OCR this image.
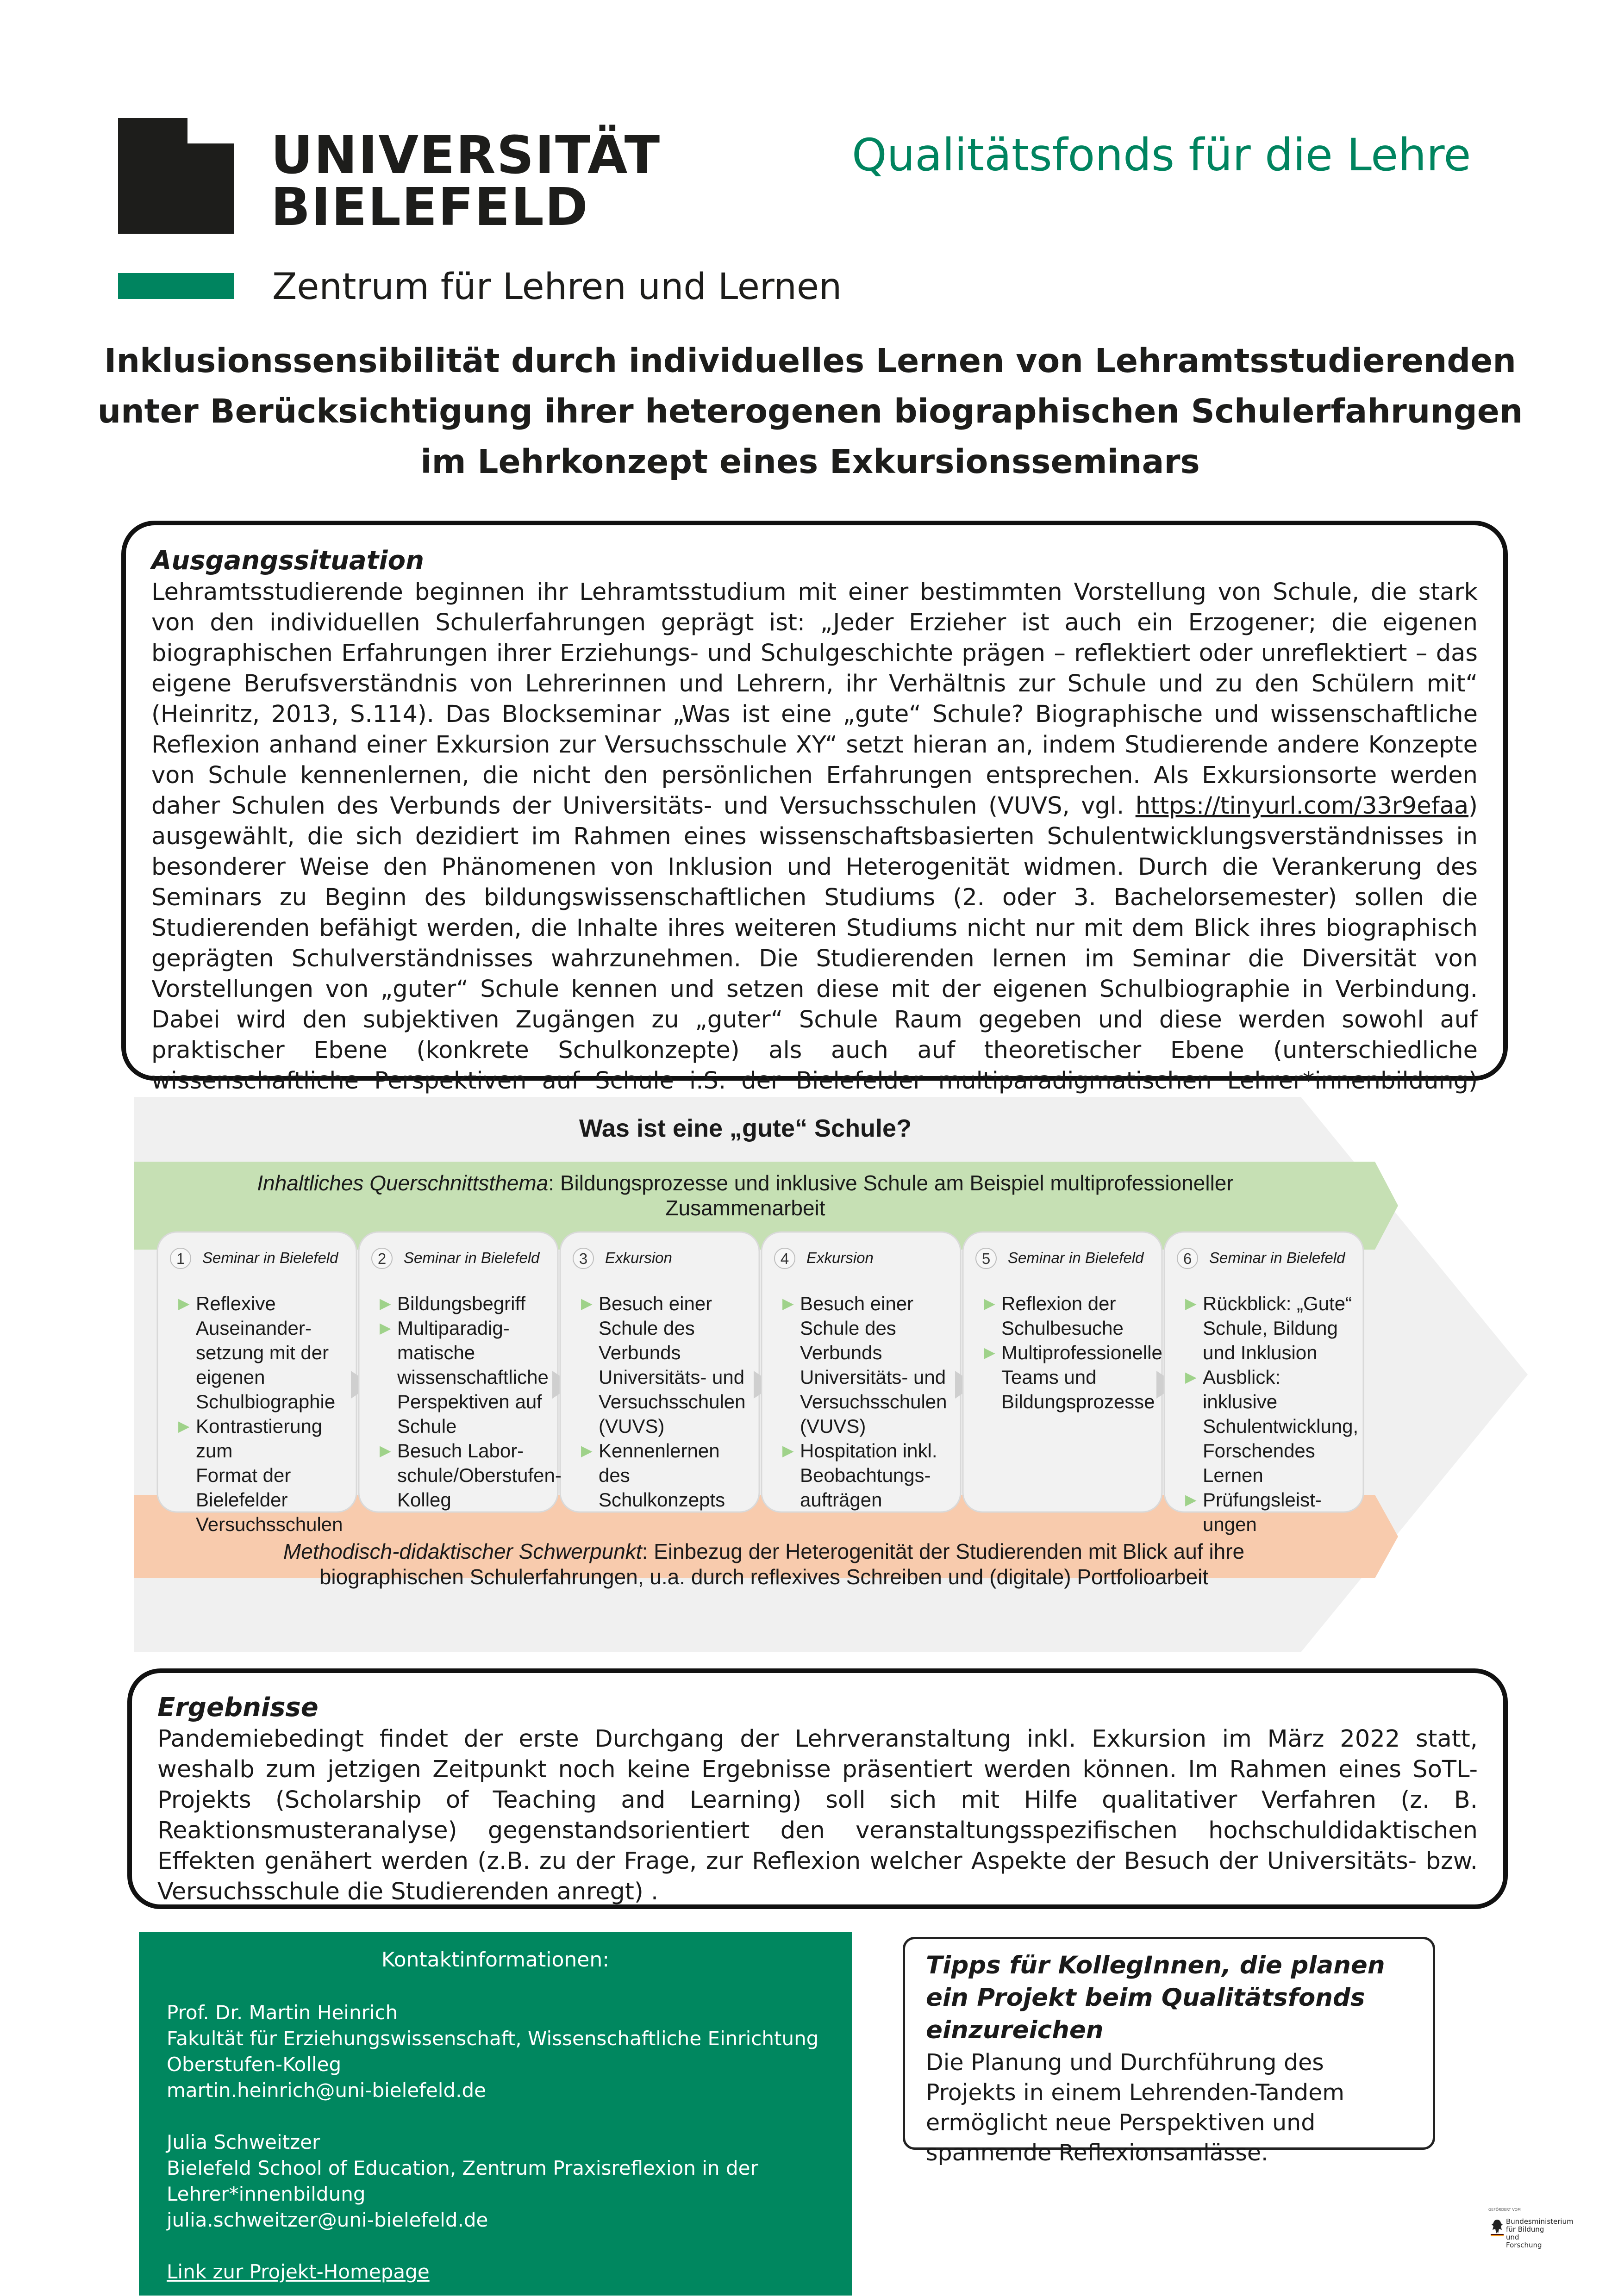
UNIVERSITÄT
BIELEFELD
Zentrum für Lehren und Lernen
Qualitätsfonds für die Lehre
Inklusionssensibilität durch individuelles Lernen von Lehramtsstudierenden
unter Berücksichtigung ihrer heterogenen biographischen Schulerfahrungen
im Lehrkonzept eines Exkursionsseminars
Ausgangssituation
Lehramtsstudierende beginnen ihr Lehramtsstudium mit einer bestimmten Vorstellung von Schule, die stark von den individuellen Schulerfahrungen geprägt ist: „Jeder Erzieher ist auch ein Erzogener; die eigenen biographischen Erfahrungen ihrer Erziehungs- und Schulgeschichte prägen – reflektiert oder unreflektiert – das eigene Berufsverständnis von Lehrerinnen und Lehrern, ihr Verhältnis zur Schule und zu den Schülern mit“ (Heinritz, 2013, S.114). Das Blockseminar „Was ist eine „gute“ Schule? Biographische und wissenschaftliche Reflexion anhand einer Exkursion zur Versuchsschule XY“ setzt hieran an, indem Studierende andere Konzepte von Schule kennenlernen, die nicht den persönlichen Erfahrungen entsprechen. Als Exkursionsorte werden daher Schulen des Verbunds der Universitäts- und Versuchsschulen (VUVS, vgl. https://tinyurl.com/33r9efaa) ausgewählt, die sich dezidiert im Rahmen eines wissenschaftsbasierten Schulentwicklungsverständnisses in besonderer Weise den Phänomenen von Inklusion und Heterogenität widmen. Durch die Verankerung des Seminars zu Beginn des bildungswissenschaftlichen Studiums (2. oder 3. Bachelorsemester) sollen die Studierenden befähigt werden, die Inhalte ihres weiteren Studiums nicht nur mit dem Blick ihres biographisch geprägten Schulverständnisses wahrzunehmen. Die Studierenden lernen im Seminar die Diversität von Vorstellungen von „guter“ Schule kennen und setzen diese mit der eigenen Schulbiographie in Verbindung. Dabei wird den subjektiven Zugängen zu „guter“ Schule Raum gegeben und diese werden sowohl auf praktischer Ebene (konkrete Schulkonzepte) als auch auf theoretischer Ebene (unterschiedliche wissenschaftliche Perspektiven auf Schule i.S. der Bielefelder multiparadigmatischen Lehrer*innenbildung)
Was ist eine „gute“ Schule?
Inhaltliches Querschnittsthema: Bildungsprozesse und inklusive Schule am Beispiel multiprofessioneller
Zusammenarbeit
Methodisch-didaktischer Schwerpunkt: Einbezug der Heterogenität der Studierenden mit Blick auf ihre
biographischen Schulerfahrungen, u.a. durch reflexives Schreiben und (digitale) Portfolioarbeit
1 Seminar in Bielefeld	2 Seminar in Bielefeld	3 Exkursion	4 Exkursion	5 Seminar in Bielefeld	6 Seminar in Bielefeld
▶ Reflexive
Auseinander-
setzung mit der
eigenen
Schulbiographie
▶ Kontrastierung zum
Format der
Bielefelder
Versuchsschulen
▶ Bildungsbegriff
▶ Multiparadig-
matische
wissenschaftliche
Perspektiven auf
Schule
▶ Besuch Labor-
schule/Oberstufen-
Kolleg
▶ Besuch einer
Schule des
Verbunds
Universitäts- und
Versuchsschulen
(VUVS)
▶ Kennenlernen des
Schulkonzepts
▶ Besuch einer
Schule des
Verbunds
Universitäts- und
Versuchsschulen
(VUVS)
▶ Hospitation inkl.
Beobachtungs-
aufträgen
▶ Reflexion der
Schulbesuche
▶ Multiprofessionelle
Teams und
Bildungsprozesse
▶ Rückblick: „Gute“
Schule, Bildung
und Inklusion
▶ Ausblick: inklusive
Schulentwicklung,
Forschendes
Lernen
▶ Prüfungsleist-
ungen
Ergebnisse
Pandemiebedingt findet der erste Durchgang der Lehrveranstaltung inkl. Exkursion im März 2022 statt, weshalb zum jetzigen Zeitpunkt noch keine Ergebnisse präsentiert werden können. Im Rahmen eines SoTL-Projekts (Scholarship of Teaching and Learning) soll sich mit Hilfe qualitativer Verfahren (z. B. Reaktionsmusteranalyse) gegenstandsorientiert den veranstaltungsspezifischen hochschuldidaktischen Effekten genähert werden (z.B. zu der Frage, zur Reflexion welcher Aspekte der Besuch der Universitäts- bzw. Versuchsschule die Studierenden anregt) .
Kontaktinformationen:
Prof. Dr. Martin Heinrich
Fakultät für Erziehungswissenschaft, Wissenschaftliche Einrichtung
Oberstufen-Kolleg
martin.heinrich@uni-bielefeld.de
Julia Schweitzer
Bielefeld School of Education, Zentrum Praxisreflexion in der
Lehrer*innenbildung
julia.schweitzer@uni-bielefeld.de
Link zur Projekt-Homepage
Tipps für KollegInnen, die planen ein Projekt beim Qualitätsfonds einzureichen
Die Planung und Durchführung des Projekts in einem Lehrenden-Tandem ermöglicht neue Perspektiven und spannende Reflexionsanlässe.
GEFÖRDERT VOM
Bundesministerium
für Bildung
und Forschung
